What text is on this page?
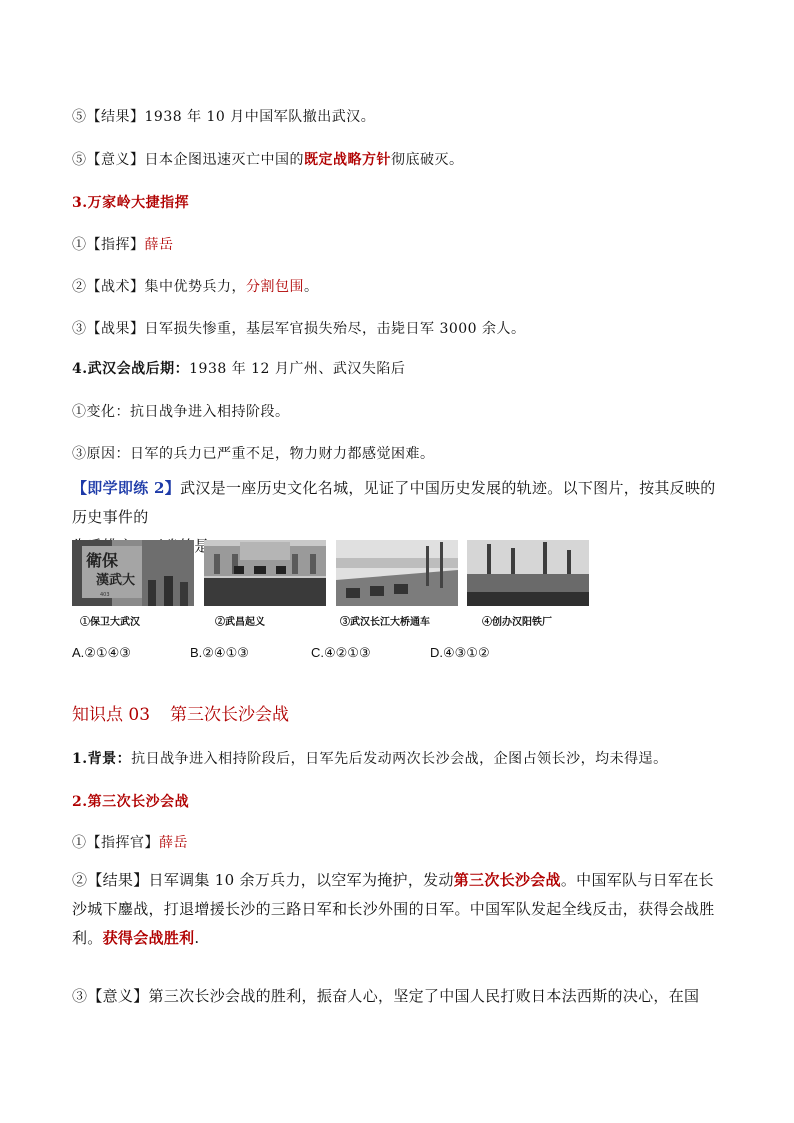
⑤【结果】1938 年 10 月中国军队撤出武汉。
⑤【意义】日本企图迅速灭亡中国的既定战略方针彻底破灭。
3.万家岭大捷指挥
①【指挥】薛岳
②【战术】集中优势兵力，分割包围。
③【战果】日军损失惨重，基层军官损失殆尽，击毙日军 3000 余人。
4.武汉会战后期：1938 年 12 月广州、武汉失陷后
①变化：抗日战争进入相持阶段。
③原因：日军的兵力已严重不足，物力财力都感觉困难。
【即学即练 2】武汉是一座历史文化名城，见证了中国历史发展的轨迹。以下图片，按其反映的历史事件的

衛保
漢武大
403
①保卫大武汉	②武昌起义	③武汉长江大桥通车	④创办汉阳铁厂
A.②①④③	B.②④①③	C.④②①③	D.④③①②
知识点 03 第三次长沙会战
1.背景：抗日战争进入相持阶段后，日军先后发动两次长沙会战，企图占领长沙，均未得逞。
2.第三次长沙会战
①【指挥官】薛岳
②【结果】日军调集 10 余万兵力，以空军为掩护，发动第三次长沙会战。中国军队与日军在长沙城下鏖战，打退增援长沙的三路日军和长沙外围的日军。中国军队发起全线反击，获得会战胜利。获得会战胜利.
③【意义】第三次长沙会战的胜利，振奋人心，坚定了中国人民打败日本法西斯的决心，在国
